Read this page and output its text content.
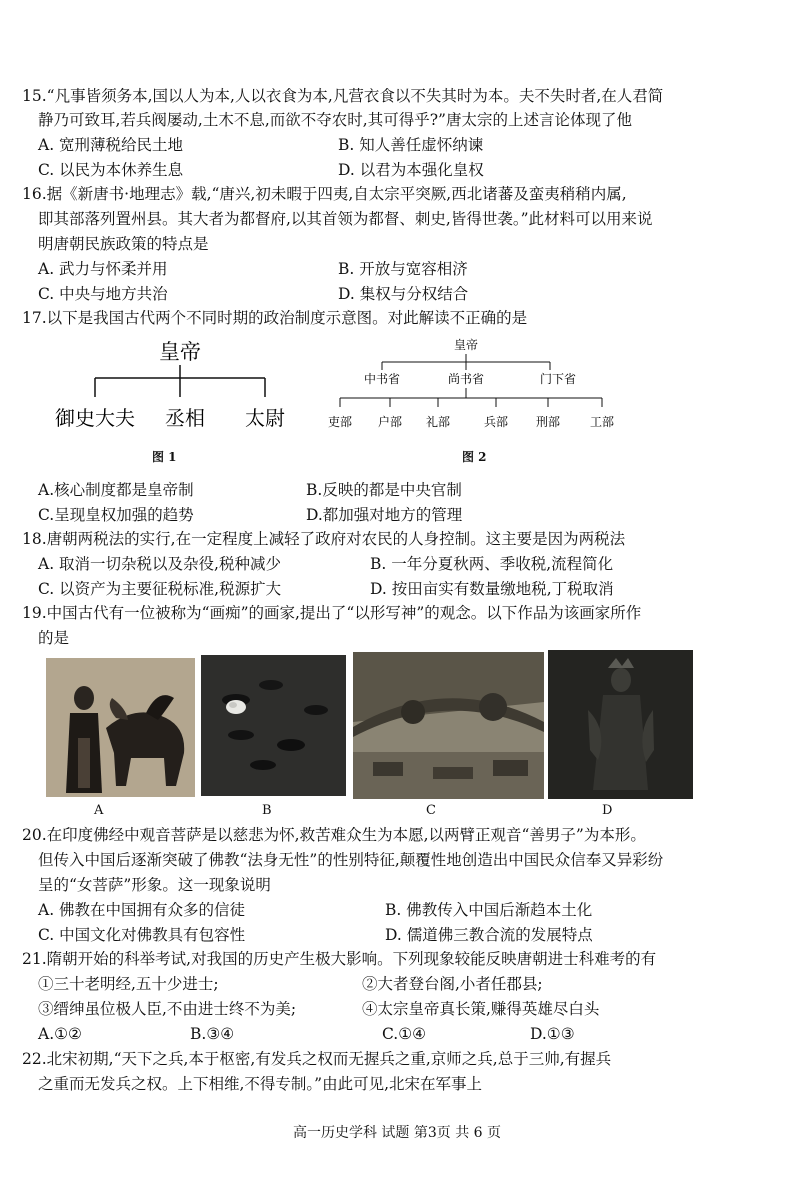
15.“凡事皆须务本,国以人为本,人以衣食为本,凡营衣食以不失其时为本。夫不失时者,在人君简
静乃可致耳,若兵阀屡动,土木不息,而欲不夺农时,其可得乎?”唐太宗的上述言论体现了他
A. 宽刑薄税给民土地	B. 知人善任虚怀纳谏
C. 以民为本休养生息	D. 以君为本强化皇权
16.据《新唐书·地理志》载,“唐兴,初未暇于四夷,自太宗平突厥,西北诸蕃及蛮夷稍稍内属,
即其部落列置州县。其大者为都督府,以其首领为都督、刺史,皆得世袭。”此材料可以用来说
明唐朝民族政策的特点是
A. 武力与怀柔并用	B. 开放与宽容相济
C. 中央与地方共治	D. 集权与分权结合
17.以下是我国古代两个不同时期的政治制度示意图。对此解读不正确的是
皇帝
御史大夫 丞相 太尉
图 1
皇帝
中书省	尚书省	门下省
吏部 户部 礼部	兵部 刑部 工部
图 2
A.核心制度都是皇帝制	B.反映的都是中央官制
C.呈现皇权加强的趋势	D.都加强对地方的管理
18.唐朝两税法的实行,在一定程度上减轻了政府对农民的人身控制。这主要是因为两税法
A. 取消一切杂税以及杂役,税种减少	B. 一年分夏秋两、季收税,流程简化
C. 以资产为主要征税标准,税源扩大	D. 按田亩实有数量缴地税,丁税取消
19.中国古代有一位被称为“画痴”的画家,提出了“以形写神”的观念。以下作品为该画家所作
的是
A	B	C	D
20.在印度佛经中观音菩萨是以慈悲为怀,救苦难众生为本愿,以两臂正观音“善男子”为本形。
但传入中国后逐渐突破了佛教“法身无性”的性别特征,颠覆性地创造出中国民众信奉又异彩纷
呈的“女菩萨”形象。这一现象说明
A. 佛教在中国拥有众多的信徒	B. 佛教传入中国后渐趋本土化
C. 中国文化对佛教具有包容性	D. 儒道佛三教合流的发展特点
21.隋朝开始的科举考试,对我国的历史产生极大影响。下列现象较能反映唐朝进士科难考的有
①三十老明经,五十少进士;	②大者登台阁,小者任郡县;
③缙绅虽位极人臣,不由进士终不为美;	④太宗皇帝真长策,赚得英雄尽白头
A.①②	B.③④	C.①④	D.①③
22.北宋初期,“天下之兵,本于枢密,有发兵之权而无握兵之重,京师之兵,总于三帅,有握兵
之重而无发兵之权。上下相维,不得专制。”由此可见,北宋在军事上
高一历史学科 试题 第3页 共 6 页
